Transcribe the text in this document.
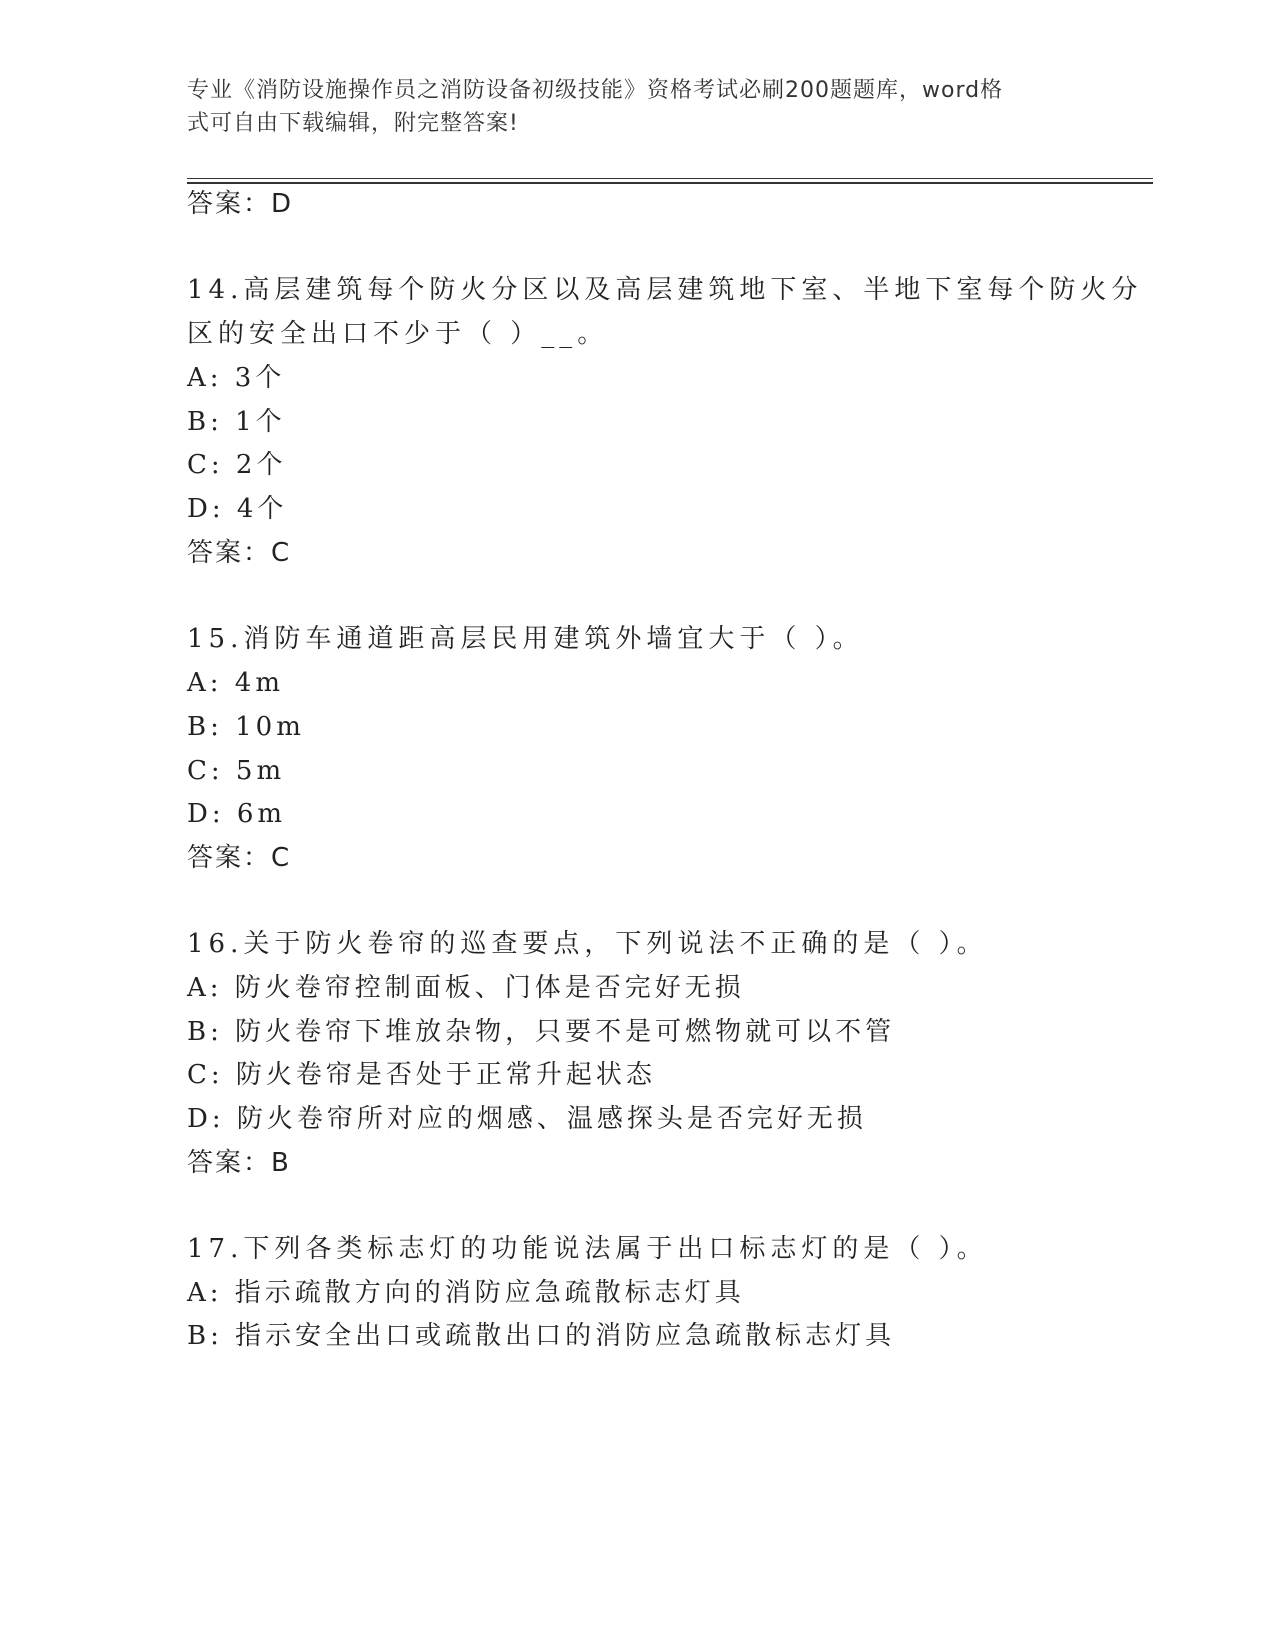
专业《消防设施操作员之消防设备初级技能》资格考试必刷200题题库，word格
式可自由下载编辑，附完整答案!
答案：D
14.高层建筑每个防火分区以及高层建筑地下室、半地下室每个防火分
区的安全出口不少于（ ）__。
A: 3个
B: 1个
C: 2个
D: 4个
答案：C
15.消防车通道距高层民用建筑外墙宜大于（ ）。
A: 4m
B: 10m
C: 5m
D: 6m
答案：C
16.关于防火卷帘的巡查要点，下列说法不正确的是（ ）。
A: 防火卷帘控制面板、门体是否完好无损
B: 防火卷帘下堆放杂物，只要不是可燃物就可以不管
C: 防火卷帘是否处于正常升起状态
D: 防火卷帘所对应的烟感、温感探头是否完好无损
答案：B
17.下列各类标志灯的功能说法属于出口标志灯的是（ ）。
A: 指示疏散方向的消防应急疏散标志灯具
B: 指示安全出口或疏散出口的消防应急疏散标志灯具
